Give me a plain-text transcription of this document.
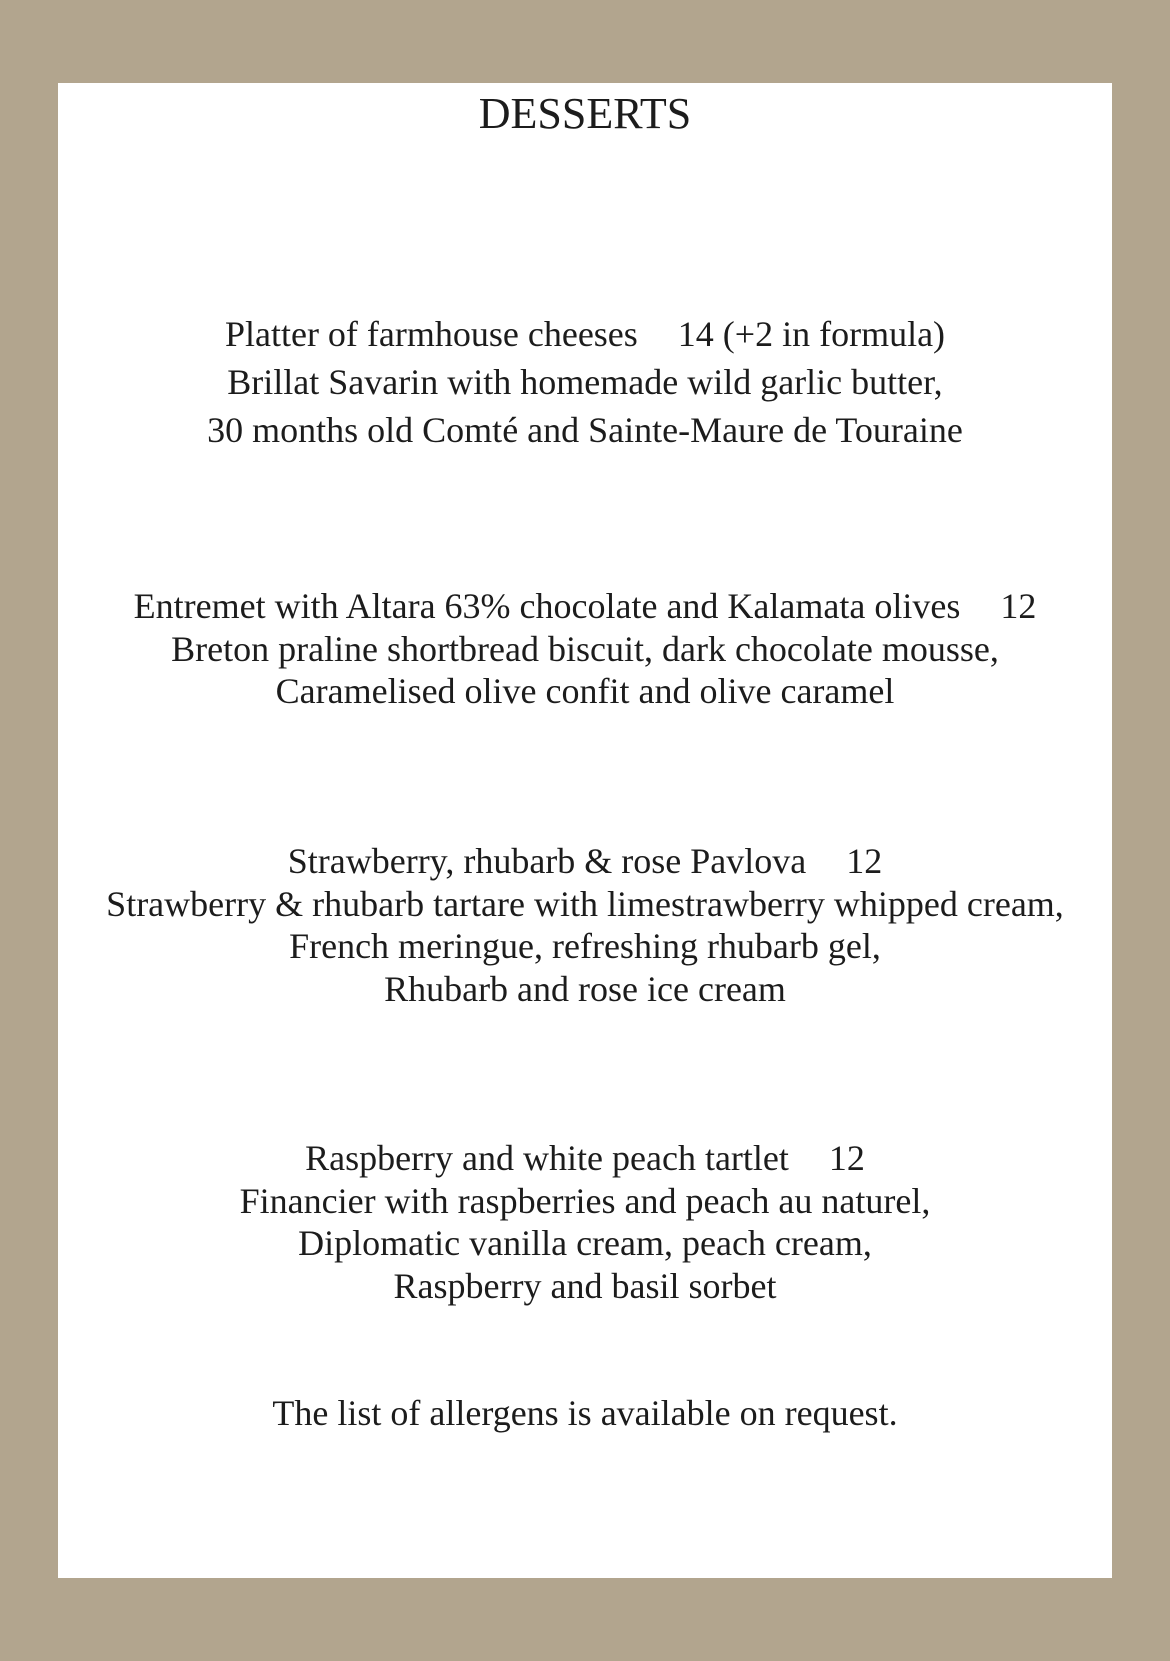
DESSERTS
Platter of farmhouse cheeses 14 (+2 in formula)
Brillat Savarin with homemade wild garlic butter,
30 months old Comté and Sainte-Maure de Touraine
Entremet with Altara 63% chocolate and Kalamata olives 12
Breton praline shortbread biscuit, dark chocolate mousse,
Caramelised olive confit and olive caramel
Strawberry, rhubarb & rose Pavlova 12
Strawberry & rhubarb tartare with limestrawberry whipped cream,
French meringue, refreshing rhubarb gel,
Rhubarb and rose ice cream
Raspberry and white peach tartlet 12
Financier with raspberries and peach au naturel,
Diplomatic vanilla cream, peach cream,
Raspberry and basil sorbet
The list of allergens is available on request.
